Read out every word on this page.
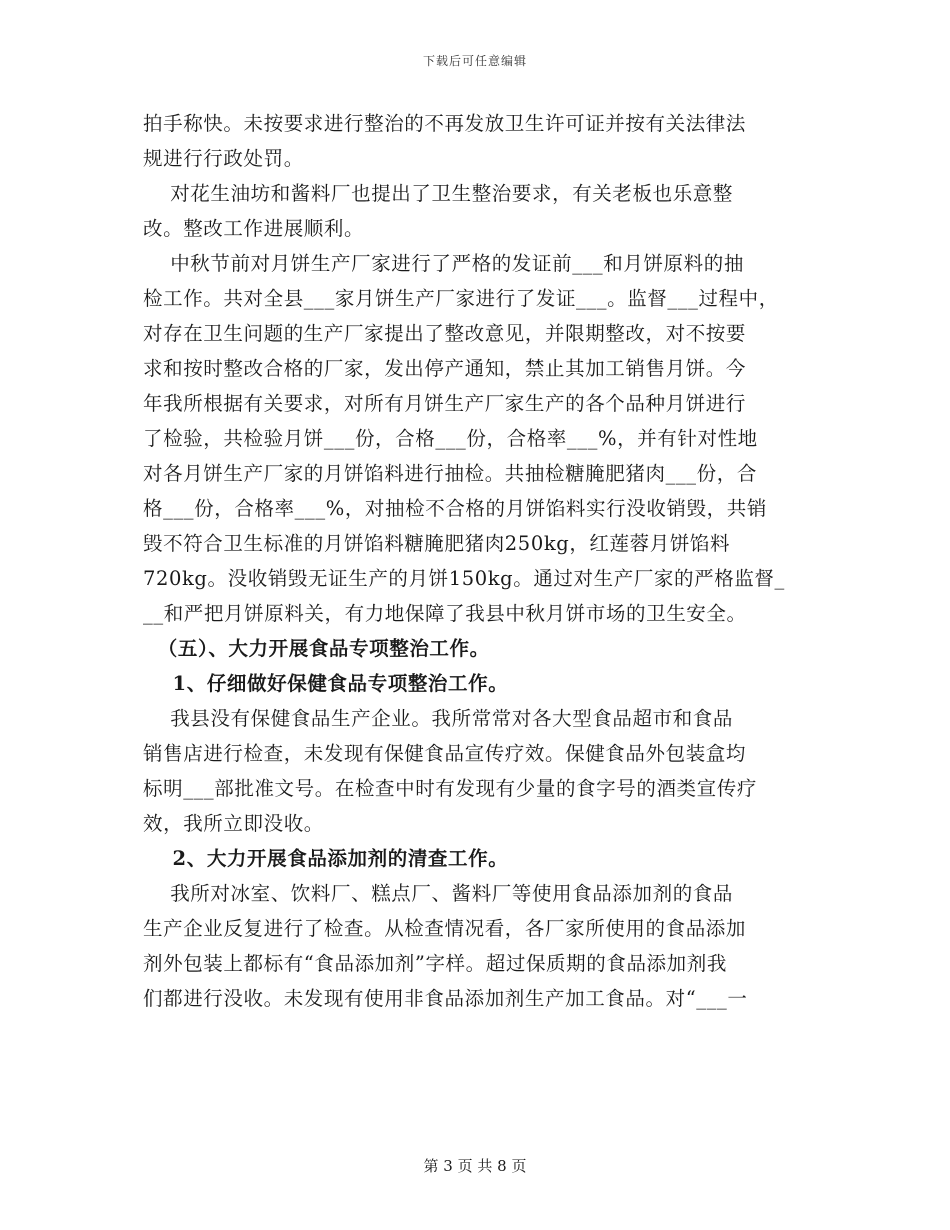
下载后可任意编辑
拍手称快。未按要求进行整治的不再发放卫生许可证并按有关法律法
规进行行政处罚。
对花生油坊和酱料厂也提出了卫生整治要求，有关老板也乐意整
改。整改工作进展顺利。
中秋节前对月饼生产厂家进行了严格的发证前___和月饼原料的抽
检工作。共对全县___家月饼生产厂家进行了发证___。监督___过程中，
对存在卫生问题的生产厂家提出了整改意见，并限期整改，对不按要
求和按时整改合格的厂家，发出停产通知，禁止其加工销售月饼。今
年我所根据有关要求，对所有月饼生产厂家生产的各个品种月饼进行
了检验，共检验月饼___份，合格___份，合格率___%，并有针对性地
对各月饼生产厂家的月饼馅料进行抽检。共抽检糖腌肥猪肉___份，合
格___份，合格率___%，对抽检不合格的月饼馅料实行没收销毁，共销
毁不符合卫生标准的月饼馅料糖腌肥猪肉250kg，红莲蓉月饼馅料
720kg。没收销毁无证生产的月饼150kg。通过对生产厂家的严格监督_
__和严把月饼原料关，有力地保障了我县中秋月饼市场的卫生安全。
（五）、大力开展食品专项整治工作。
1、仔细做好保健食品专项整治工作。
我县没有保健食品生产企业。我所常常对各大型食品超市和食品
销售店进行检查，未发现有保健食品宣传疗效。保健食品外包装盒均
标明___部批准文号。在检查中时有发现有少量的食字号的酒类宣传疗
效，我所立即没收。
2、大力开展食品添加剂的清查工作。
我所对冰室、饮料厂、糕点厂、酱料厂等使用食品添加剂的食品
生产企业反复进行了检查。从检查情况看，各厂家所使用的食品添加
剂外包装上都标有“食品添加剂”字样。超过保质期的食品添加剂我
们都进行没收。未发现有使用非食品添加剂生产加工食品。对“___一
第 3 页 共 8 页
